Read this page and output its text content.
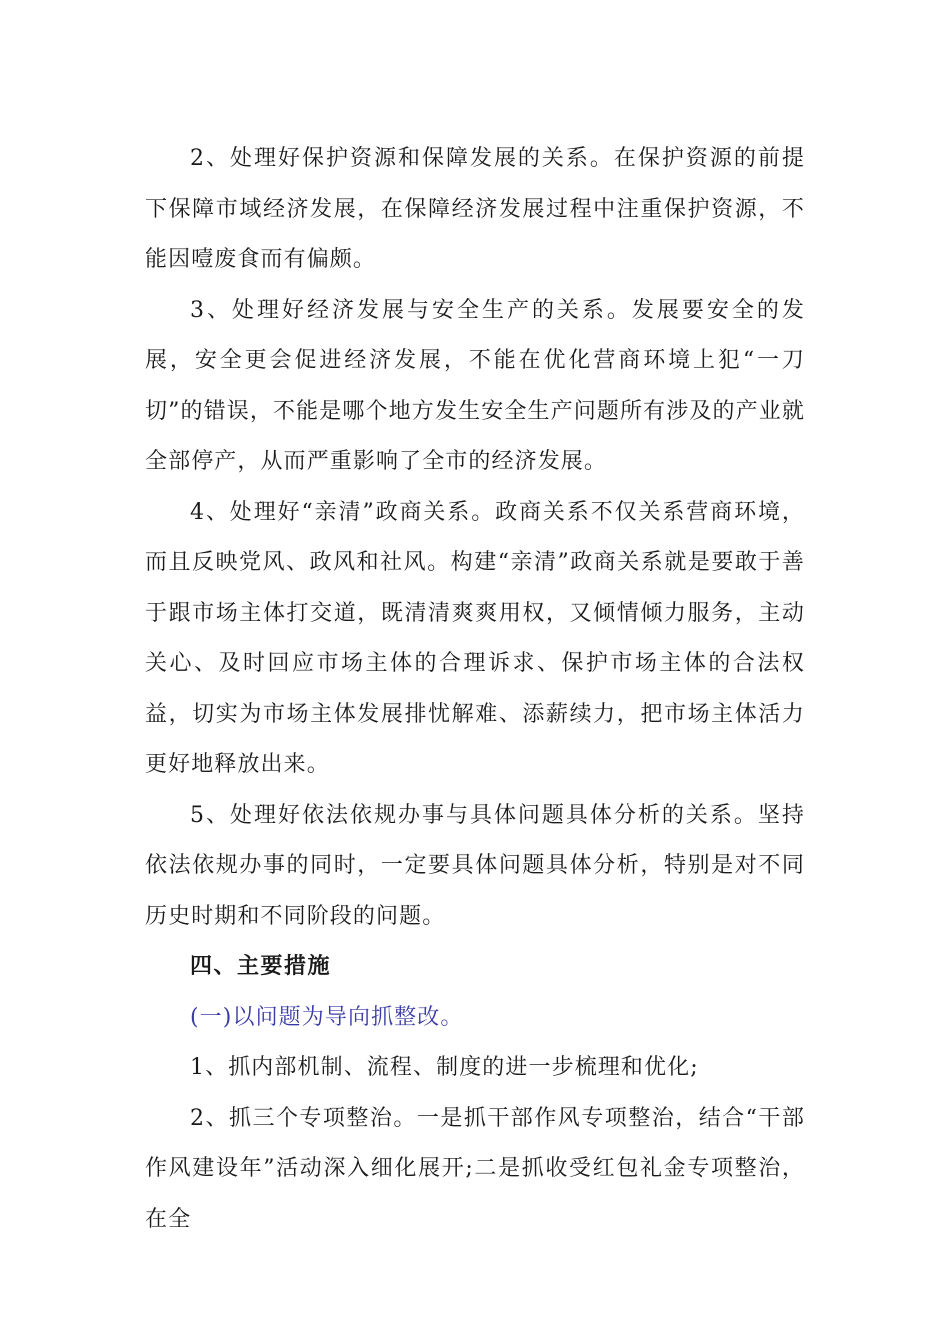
2、处理好保护资源和保障发展的关系。在保护资源的前提下保障市域经济发展，在保障经济发展过程中注重保护资源，不能因噎废食而有偏颇。

3、处理好经济发展与安全生产的关系。发展要安全的发展，安全更会促进经济发展，不能在优化营商环境上犯“一刀切”的错误，不能是哪个地方发生安全生产问题所有涉及的产业就全部停产，从而严重影响了全市的经济发展。

4、处理好“亲清”政商关系。政商关系不仅关系营商环境，而且反映党风、政风和社风。构建“亲清”政商关系就是要敢于善于跟市场主体打交道，既清清爽爽用权，又倾情倾力服务，主动关心、及时回应市场主体的合理诉求、保护市场主体的合法权益，切实为市场主体发展排忧解难、添薪续力，把市场主体活力更好地释放出来。

5、处理好依法依规办事与具体问题具体分析的关系。坚持依法依规办事的同时，一定要具体问题具体分析，特别是对不同历史时期和不同阶段的问题。

四、主要措施

(一)以问题为导向抓整改。

1、抓内部机制、流程、制度的进一步梳理和优化;

2、抓三个专项整治。一是抓干部作风专项整治，结合“干部作风建设年”活动深入细化展开;二是抓收受红包礼金专项整治，在全
